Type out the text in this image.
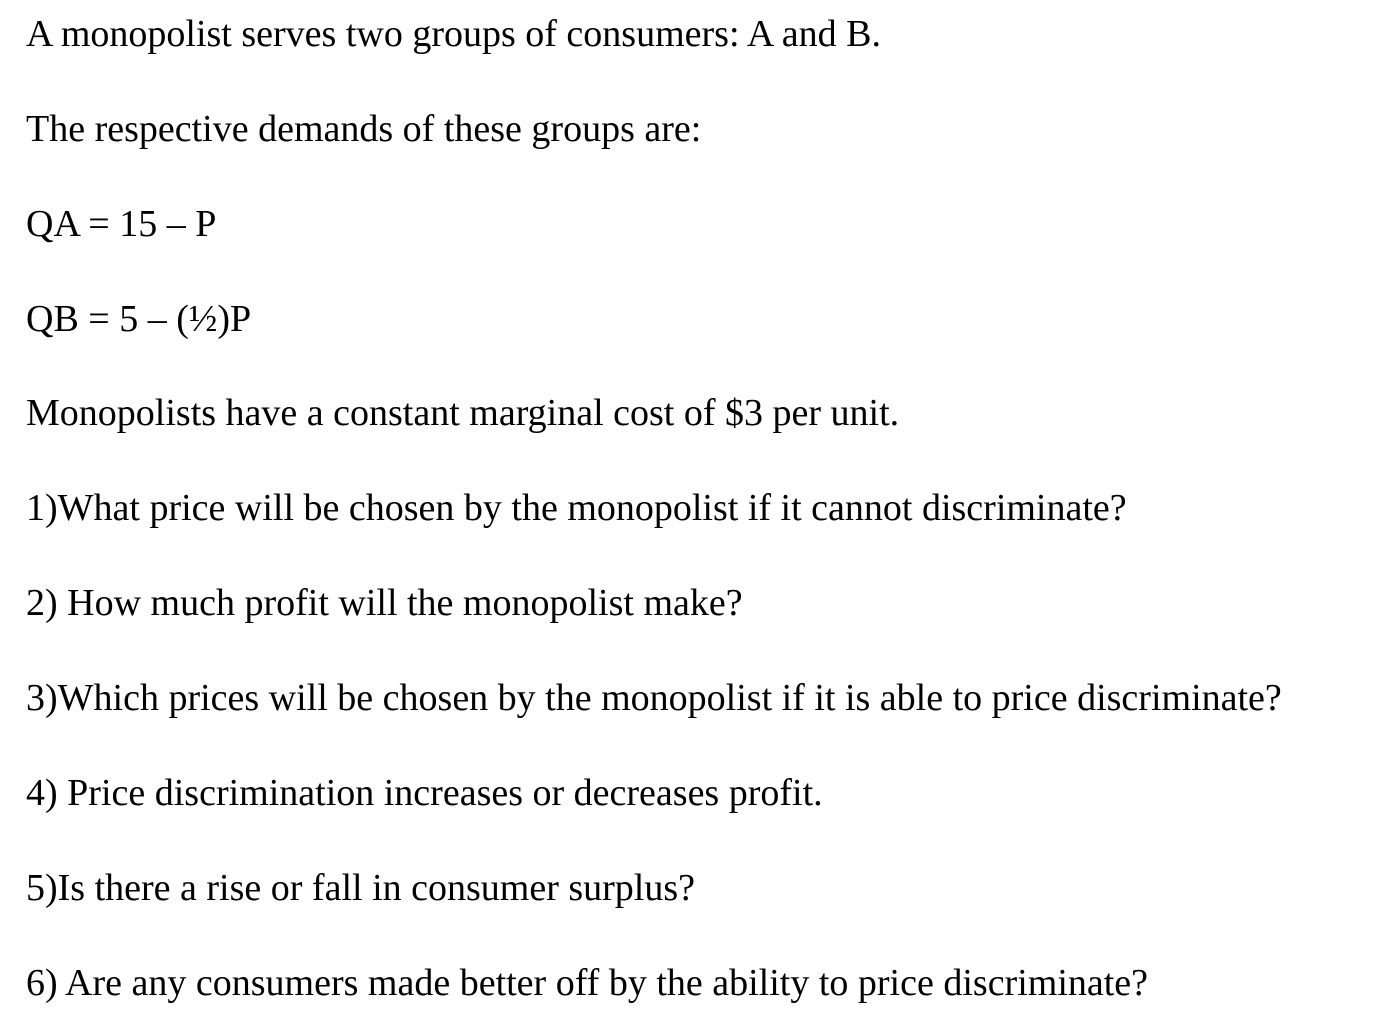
A monopolist serves two groups of consumers: A and B.

The respective demands of these groups are:

QA = 15 – P

QB = 5 – (½)P

Monopolists have a constant marginal cost of $3 per unit.

1)What price will be chosen by the monopolist if it cannot discriminate?

2) How much profit will the monopolist make?

3)Which prices will be chosen by the monopolist if it is able to price discriminate?

4) Price discrimination increases or decreases profit.

5)Is there a rise or fall in consumer surplus?

6) Are any consumers made better off by the ability to price discriminate?
